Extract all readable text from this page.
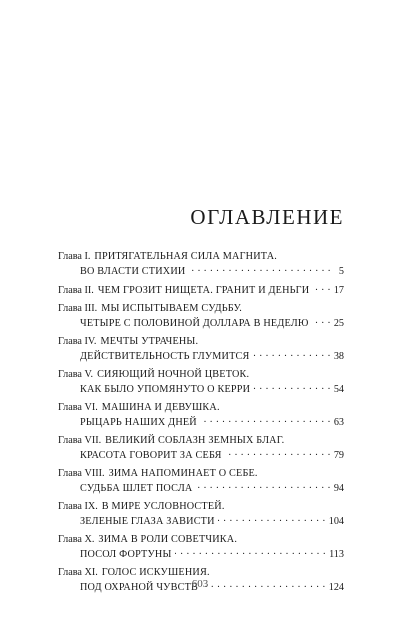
ОГЛАВЛЕНИЕ
Глава I. ПРИТЯГАТЕЛЬНАЯ СИЛА МАГНИТА.
ВО ВЛАСТИ СТИХИИ . . .	5
Глава II. ЧЕМ ГРОЗИТ НИЩЕТА. ГРАНИТ И ДЕНЬГИ . . . 17
Глава III. МЫ ИСПЫТЫВАЕМ СУДЬБУ.
ЧЕТЫРЕ С ПОЛОВИНОЙ ДОЛЛАРА В НЕДЕЛЮ . . . 25
Глава IV. МЕЧТЫ УТРАЧЕНЫ.
ДЕЙСТВИТЕЛЬНОСТЬ ГЛУМИТСЯ . . .	38
Глава V. СИЯЮЩИЙ НОЧНОЙ ЦВЕТОК.
КАК БЫЛО УПОМЯНУТО О КЕРРИ . . .	54
Глава VI. МАШИНА И ДЕВУШКА.
РЫЦАРЬ НАШИХ ДНЕЙ . . .	63
Глава VII. ВЕЛИКИЙ СОБЛАЗН ЗЕМНЫХ БЛАГ.
КРАСОТА ГОВОРИТ ЗА СЕБЯ . . .	79
Глава VIII. ЗИМА НАПОМИНАЕТ О СЕБЕ.
СУДЬБА ШЛЕТ ПОСЛА . . .	94
Глава IX. В МИРЕ УСЛОВНОСТЕЙ.
ЗЕЛЕНЫЕ ГЛАЗА ЗАВИСТИ . . .	104
Глава X. ЗИМА В РОЛИ СОВЕТЧИКА.
ПОСОЛ ФОРТУНЫ . . .	113
Глава XI. ГОЛОС ИСКУШЕНИЯ.
ПОД ОХРАНОЙ ЧУВСТВ . . .	124
603
